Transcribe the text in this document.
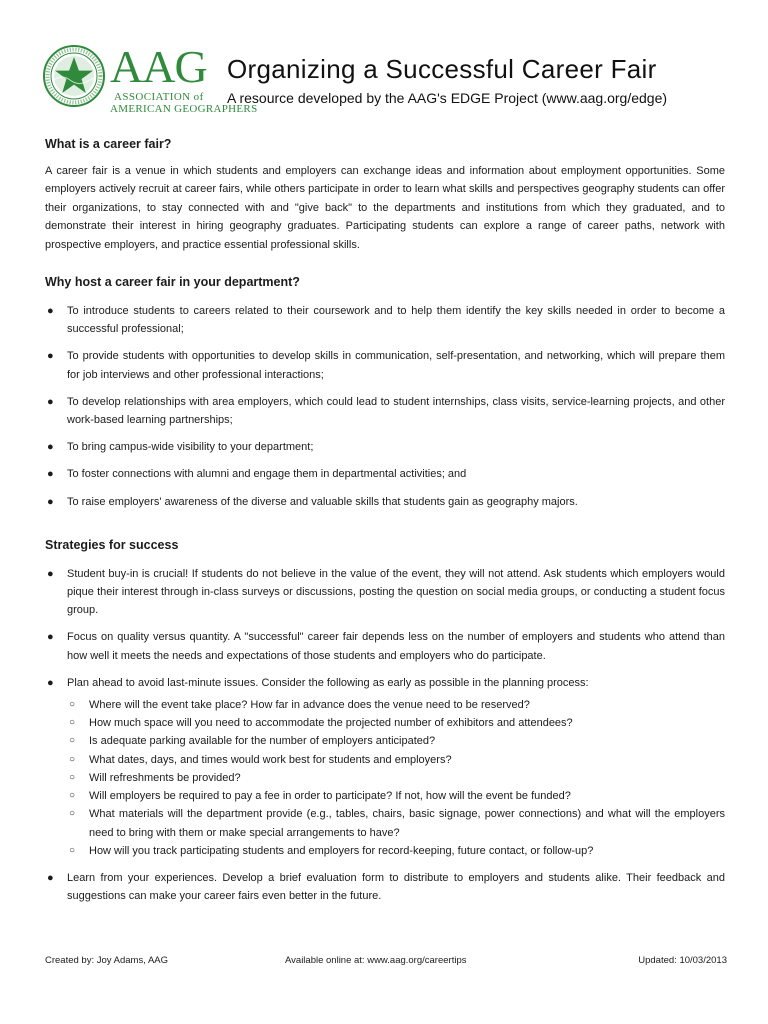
AAG
ASSOCIATION of
AMERICAN GEOGRAPHERS
Organizing a Successful Career Fair

A resource developed by the AAG's EDGE Project (www.aag.org/edge)

What is a career fair?

A career fair is a venue in which students and employers can exchange ideas and information about employment opportunities. Some employers actively recruit at career fairs, while others participate in order to learn what skills and perspectives geography students can offer their organizations, to stay connected with and "give back" to the departments and institutions from which they graduated, and to demonstrate their interest in hiring geography graduates. Participating students can explore a range of career paths, network with prospective employers, and practice essential professional skills.

Why host a career fair in your department?
● To introduce students to careers related to their coursework and to help them identify the key skills needed in order to become a successful professional;
● To provide students with opportunities to develop skills in communication, self-presentation, and networking, which will prepare them for job interviews and other professional interactions;
● To develop relationships with area employers, which could lead to student internships, class visits, service-learning projects, and other work-based learning partnerships;
● To bring campus-wide visibility to your department;
● To foster connections with alumni and engage them in departmental activities; and
● To raise employers' awareness of the diverse and valuable skills that students gain as geography majors.
Strategies for success
● Student buy-in is crucial! If students do not believe in the value of the event, they will not attend. Ask students which employers would pique their interest through in-class surveys or discussions, posting the question on social media groups, or conducting a student focus group.
● Focus on quality versus quantity. A "successful" career fair depends less on the number of employers and students who attend than how well it meets the needs and expectations of those students and employers who do participate.
● Plan ahead to avoid last-minute issues. Consider the following as early as possible in the planning process:
○ Where will the event take place? How far in advance does the venue need to be reserved?
○ How much space will you need to accommodate the projected number of exhibitors and attendees?
○ Is adequate parking available for the number of employers anticipated?
○ What dates, days, and times would work best for students and employers?
○ Will refreshments be provided?
○ Will employers be required to pay a fee in order to participate? If not, how will the event be funded?
○ What materials will the department provide (e.g., tables, chairs, basic signage, power connections) and what will the employers need to bring with them or make special arrangements to have?
○ How will you track participating students and employers for record-keeping, future contact, or follow-up?
● Learn from your experiences. Develop a brief evaluation form to distribute to employers and students alike. Their feedback and suggestions can make your career fairs even better in the future.
Created by: Joy Adams, AAG	Available online at: www.aag.org/careertips	Updated: 10/03/2013
